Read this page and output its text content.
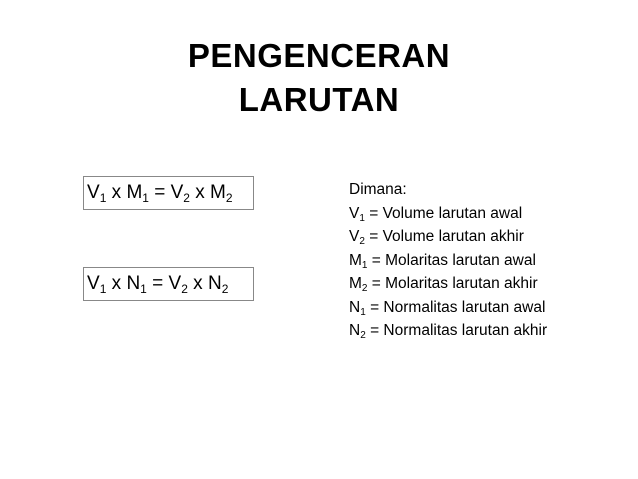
PENGENCERAN
LARUTAN
$V_1$ x $M_1 = V_2$ x $M_2$
$V_1$ x $N_1 = V_2$ x $N_2$
Dimana:
$V_1$ = Volume larutan awal
$V_2$ = Volume larutan akhir
$M_1$ = Molaritas larutan awal
$M_2$ = Molaritas larutan akhir
$N_1$ = Normalitas larutan awal
$N_2$ = Normalitas larutan akhir
